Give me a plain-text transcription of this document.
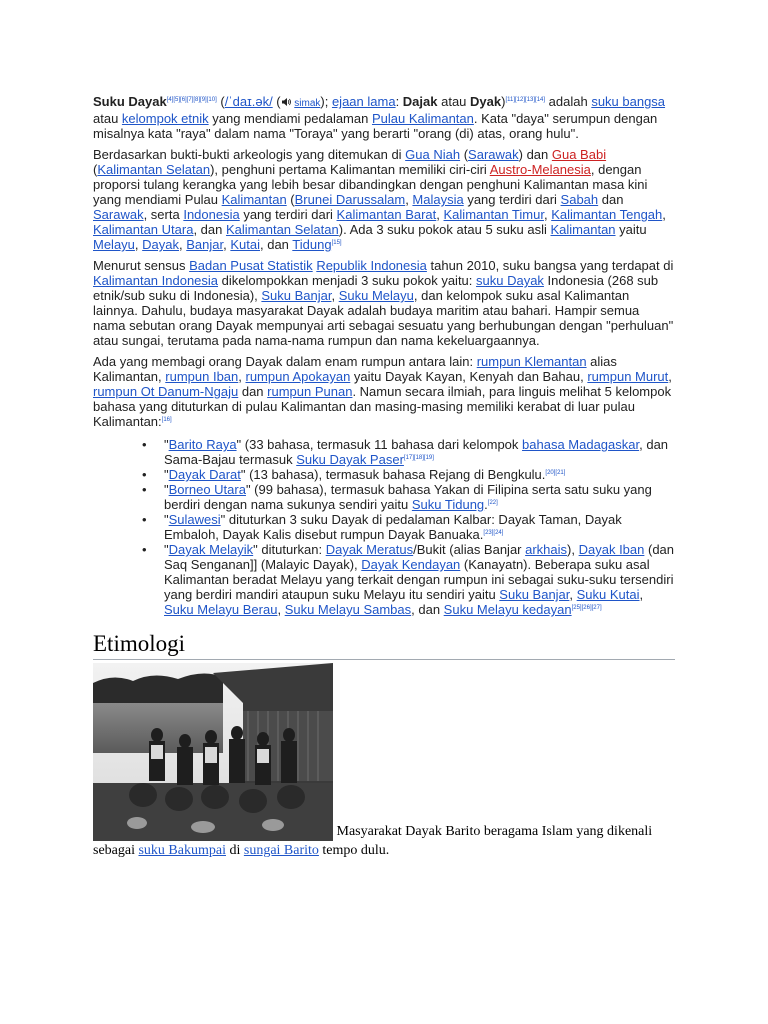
Suku Dayak[4][5][6][7][8][9][10] (/ˈdaɪ.ək/ ( simak); ejaan lama: Dajak atau Dyak)[11][12][13][14] adalah suku bangsa atau kelompok etnik yang mendiami pedalaman Pulau Kalimantan. Kata "daya" serumpun dengan misalnya kata "raya" dalam nama "Toraya" yang berarti "orang (di) atas, orang hulu".

Berdasarkan bukti-bukti arkeologis yang ditemukan di Gua Niah (Sarawak) dan Gua Babi (Kalimantan Selatan), penghuni pertama Kalimantan memiliki ciri-ciri Austro-Melanesia, dengan proporsi tulang kerangka yang lebih besar dibandingkan dengan penghuni Kalimantan masa kini yang mendiami Pulau Kalimantan (Brunei Darussalam, Malaysia yang terdiri dari Sabah dan Sarawak, serta Indonesia yang terdiri dari Kalimantan Barat, Kalimantan Timur, Kalimantan Tengah, Kalimantan Utara, dan Kalimantan Selatan). Ada 3 suku pokok atau 5 suku asli Kalimantan yaitu Melayu, Dayak, Banjar, Kutai, dan Tidung[15]

Menurut sensus Badan Pusat Statistik Republik Indonesia tahun 2010, suku bangsa yang terdapat di Kalimantan Indonesia dikelompokkan menjadi 3 suku pokok yaitu: suku Dayak Indonesia (268 sub etnik/sub suku di Indonesia), Suku Banjar, Suku Melayu, dan kelompok suku asal Kalimantan lainnya. Dahulu, budaya masyarakat Dayak adalah budaya maritim atau bahari. Hampir semua nama sebutan orang Dayak mempunyai arti sebagai sesuatu yang berhubungan dengan "perhuluan" atau sungai, terutama pada nama-nama rumpun dan nama kekeluargaannya.

Ada yang membagi orang Dayak dalam enam rumpun antara lain: rumpun Klemantan alias Kalimantan, rumpun Iban, rumpun Apokayan yaitu Dayak Kayan, Kenyah dan Bahau, rumpun Murut, rumpun Ot Danum-Ngaju dan rumpun Punan. Namun secara ilmiah, para linguis melihat 5 kelompok bahasa yang dituturkan di pulau Kalimantan dan masing-masing memiliki kerabat di luar pulau Kalimantan:[16]

• "Barito Raya" (33 bahasa, termasuk 11 bahasa dari kelompok bahasa Madagaskar, dan Sama-Bajau termasuk Suku Dayak Paser[17][18][19]
• "Dayak Darat" (13 bahasa), termasuk bahasa Rejang di Bengkulu.[20][21]
• "Borneo Utara" (99 bahasa), termasuk bahasa Yakan di Filipina serta satu suku yang berdiri dengan nama sukunya sendiri yaitu Suku Tidung.[22]
• "Sulawesi" dituturkan 3 suku Dayak di pedalaman Kalbar: Dayak Taman, Dayak Embaloh, Dayak Kalis disebut rumpun Dayak Banuaka.[23][24]
• "Dayak Melayik" dituturkan: Dayak Meratus/Bukit (alias Banjar arkhais), Dayak Iban (dan Saq Senganan]] (Malayic Dayak), Dayak Kendayan (Kanayatn). Beberapa suku asal Kalimantan beradat Melayu yang terkait dengan rumpun ini sebagai suku-suku tersendiri yang berdiri mandiri ataupun suku Melayu itu sendiri yaitu Suku Banjar, Suku Kutai, Suku Melayu Berau, Suku Melayu Sambas, dan Suku Melayu kedayan[25][26][27]
Etimologi
Masyarakat Dayak Barito beragama Islam yang dikenali sebagai suku Bakumpai di sungai Barito tempo dulu.
